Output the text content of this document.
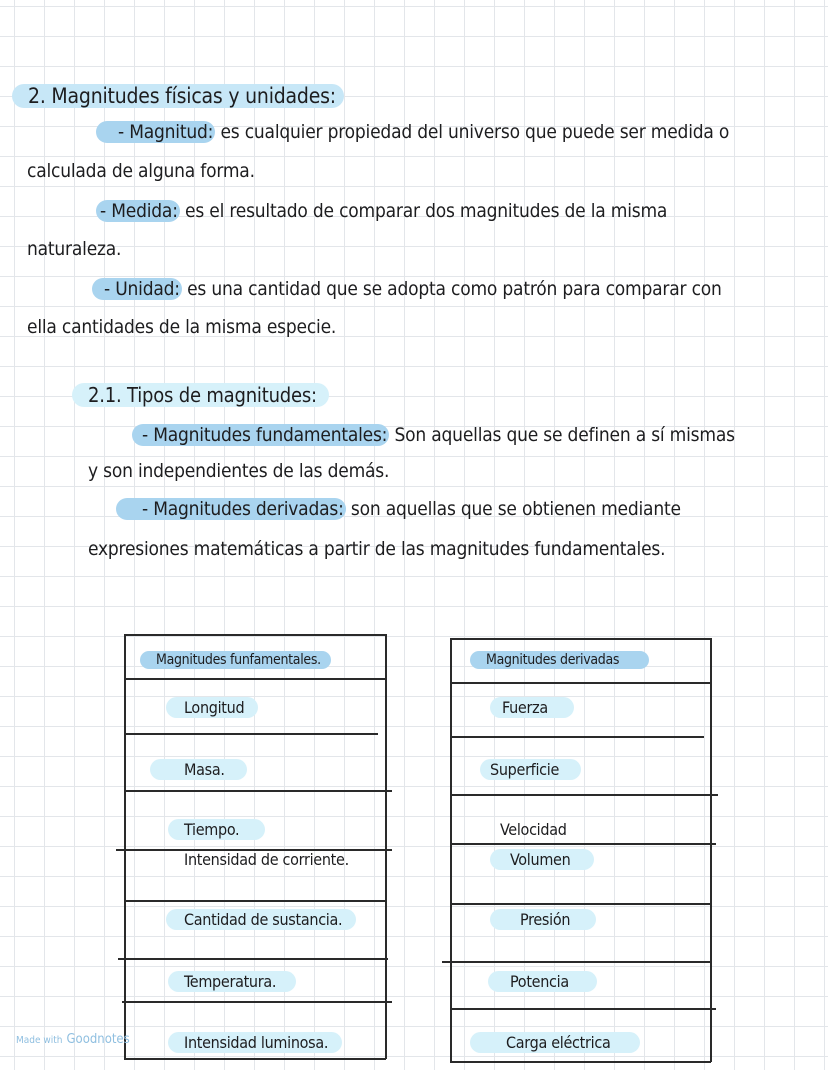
2. Magnitudes físicas y unidades:
- Magnitud: es cualquier propiedad del universo que puede ser medida o
calculada de alguna forma.
- Medida: es el resultado de comparar dos magnitudes de la misma
naturaleza.
- Unidad: es una cantidad que se adopta como patrón para comparar con
ella cantidades de la misma especie.
2.1. Tipos de magnitudes:
- Magnitudes fundamentales: Son aquellas que se definen a sí mismas
y son independientes de las demás.
- Magnitudes derivadas: son aquellas que se obtienen mediante
expresiones matemáticas a partir de las magnitudes fundamentales.
Magnitudes funfamentales.
Longitud
Masa.
Tiempo.
Intensidad de corriente.
Cantidad de sustancia.
Temperatura.
Intensidad luminosa.
Magnitudes derivadas
Fuerza
Superficie
Velocidad
Volumen
Presión
Potencia
Carga eléctrica
Made with Goodnotes
